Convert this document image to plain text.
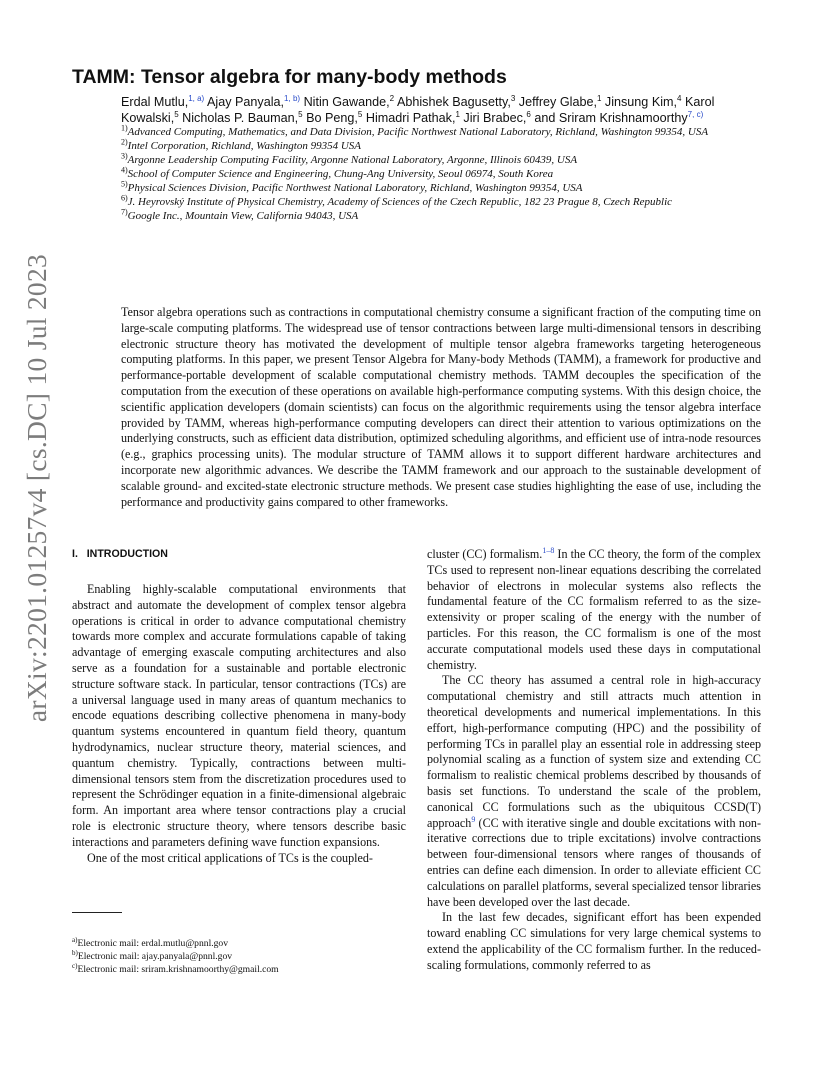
arXiv:2201.01257v4 [cs.DC] 10 Jul 2023
TAMM: Tensor algebra for many-body methods
Erdal Mutlu,$^{1, a)}$ Ajay Panyala,$^{1, b)}$ Nitin Gawande,$^2$ Abhishek Bagusetty,$^3$ Jeffrey Glabe,$^1$ Jinsung Kim,$^4$ Karol Kowalski,$^5$ Nicholas P. Bauman,$^5$ Bo Peng,$^5$ Himadri Pathak,$^1$ Jiri Brabec,$^6$ and Sriram Krishnamoorthy$^{7, c)}$
$^{1)}$Advanced Computing, Mathematics, and Data Division, Pacific Northwest National Laboratory, Richland, Washington 99354, USA
$^{2)}$Intel Corporation, Richland, Washington 99354 USA
$^{3)}$Argonne Leadership Computing Facility, Argonne National Laboratory, Argonne, Illinois 60439, USA
$^{4)}$School of Computer Science and Engineering, Chung-Ang University, Seoul 06974, South Korea
$^{5)}$Physical Sciences Division, Pacific Northwest National Laboratory, Richland, Washington 99354, USA
$^{6)}$J. Heyrovský Institute of Physical Chemistry, Academy of Sciences of the Czech Republic, 182 23 Prague 8, Czech Republic
$^{7)}$Google Inc., Mountain View, California 94043, USA

Tensor algebra operations such as contractions in computational chemistry consume a significant fraction of the computing time on large-scale computing platforms. The widespread use of tensor contractions between large multi-dimensional tensors in describing electronic structure theory has motivated the development of multiple tensor algebra frameworks targeting heterogeneous computing platforms. In this paper, we present Tensor Algebra for Many-body Methods (TAMM), a framework for productive and performance-portable development of scalable computational chemistry methods. TAMM decouples the specification of the computation from the execution of these operations on available high-performance computing systems. With this design choice, the scientific application developers (domain scientists) can focus on the algorithmic requirements using the tensor algebra interface provided by TAMM, whereas high-performance computing developers can direct their attention to various optimizations on the underlying constructs, such as efficient data distribution, optimized scheduling algorithms, and efficient use of intra-node resources (e.g., graphics processing units). The modular structure of TAMM allows it to support different hardware architectures and incorporate new algorithmic advances. We describe the TAMM framework and our approach to the sustainable development of scalable ground- and excited-state electronic structure methods. We present case studies highlighting the ease of use, including the performance and productivity gains compared to other frameworks.

I. INTRODUCTION

Enabling highly-scalable computational environments that abstract and automate the development of complex tensor algebra operations is critical in order to advance computational chemistry towards more complex and accurate formulations capable of taking advantage of emerging exascale computing architectures and also serve as a foundation for a sustainable and portable electronic structure software stack. In particular, tensor contractions (TCs) are a universal language used in many areas of quantum mechanics to encode equations describing collective phenomena in many-body quantum systems encountered in quantum field theory, quantum hydrodynamics, nuclear structure theory, material sciences, and quantum chemistry. Typically, contractions between multi-dimensional tensors stem from the discretization procedures used to represent the Schrödinger equation in a finite-dimensional algebraic form. An important area where tensor contractions play a crucial role is electronic structure theory, where tensors describe basic interactions and parameters defining wave function expansions.

One of the most critical applications of TCs is the coupled-

cluster (CC) formalism.$^{1-8}$ In the CC theory, the form of the complex TCs used to represent non-linear equations describing the correlated behavior of electrons in molecular systems also reflects the fundamental feature of the CC formalism referred to as the size-extensivity or proper scaling of the energy with the number of particles. For this reason, the CC formalism is one of the most accurate computational models used these days in computational chemistry.

The CC theory has assumed a central role in high-accuracy computational chemistry and still attracts much attention in theoretical developments and numerical implementations. In this effort, high-performance computing (HPC) and the possibility of performing TCs in parallel play an essential role in addressing steep polynomial scaling as a function of system size and extending CC formalism to realistic chemical problems described by thousands of basis set functions. To understand the scale of the problem, canonical CC formulations such as the ubiquitous CCSD(T) approach$^9$ (CC with iterative single and double excitations with non-iterative corrections due to triple excitations) involve contractions between four-dimensional tensors where ranges of thousands of entries can define each dimension. In order to alleviate efficient CC calculations on parallel platforms, several specialized tensor libraries have been developed over the last decade.

In the last few decades, significant effort has been expended toward enabling CC simulations for very large chemical systems to extend the applicability of the CC formalism further. In the reduced-scaling formulations, commonly referred to as

$^{a)}$Electronic mail: erdal.mutlu@pnnl.gov
$^{b)}$Electronic mail: ajay.panyala@pnnl.gov
$^{c)}$Electronic mail: sriram.krishnamoorthy@gmail.com
